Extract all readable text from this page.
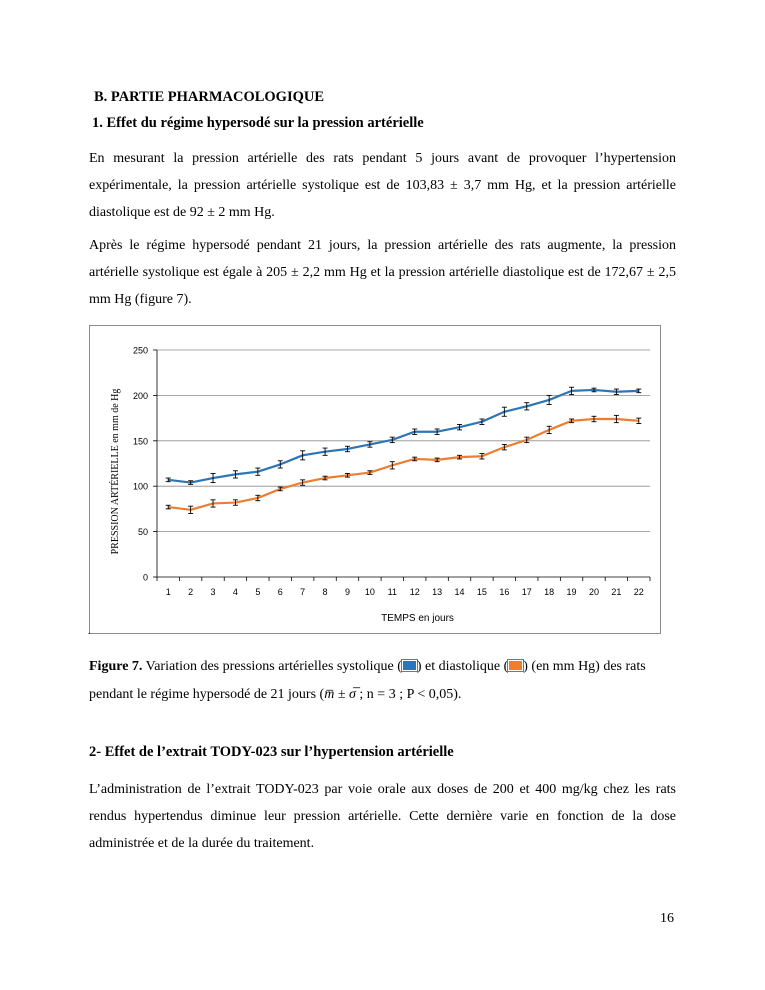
B. PARTIE PHARMACOLOGIQUE
1. Effet du régime hypersodé sur la pression artérielle
En mesurant la pression artérielle des rats pendant 5 jours avant de provoquer l’hypertension expérimentale, la pression artérielle systolique est de 103,83 ± 3,7 mm Hg, et la pression artérielle diastolique est de 92 ± 2 mm Hg.
Après le régime hypersodé pendant 21 jours, la pression artérielle des rats augmente, la pression artérielle systolique est égale à 205 ± 2,2 mm Hg et la pression artérielle diastolique est de 172,67 ± 2,5 mm Hg (figure 7).
0
50
100
150
200
250
1 2 3 4 5 6 7 8 9 10 11 12 13 14 15 16 17 18 19 20 21 22
TEMPS en jours
PRESSION ARTÉRIELLE en mm de Hg
.
Figure 7. Variation des pressions artérielles systolique ( ) et diastolique ( ) (en mm Hg) des rats pendant le régime hypersodé de 21 jours (m̅ ± σ̅ ; n = 3 ; P < 0,05).
2- Effet de l’extrait TODY-023 sur l’hypertension artérielle
L’administration de l’extrait TODY-023 par voie orale aux doses de 200 et 400 mg/kg chez les rats rendus hypertendus diminue leur pression artérielle. Cette dernière varie en fonction de la dose administrée et de la durée du traitement.
16
